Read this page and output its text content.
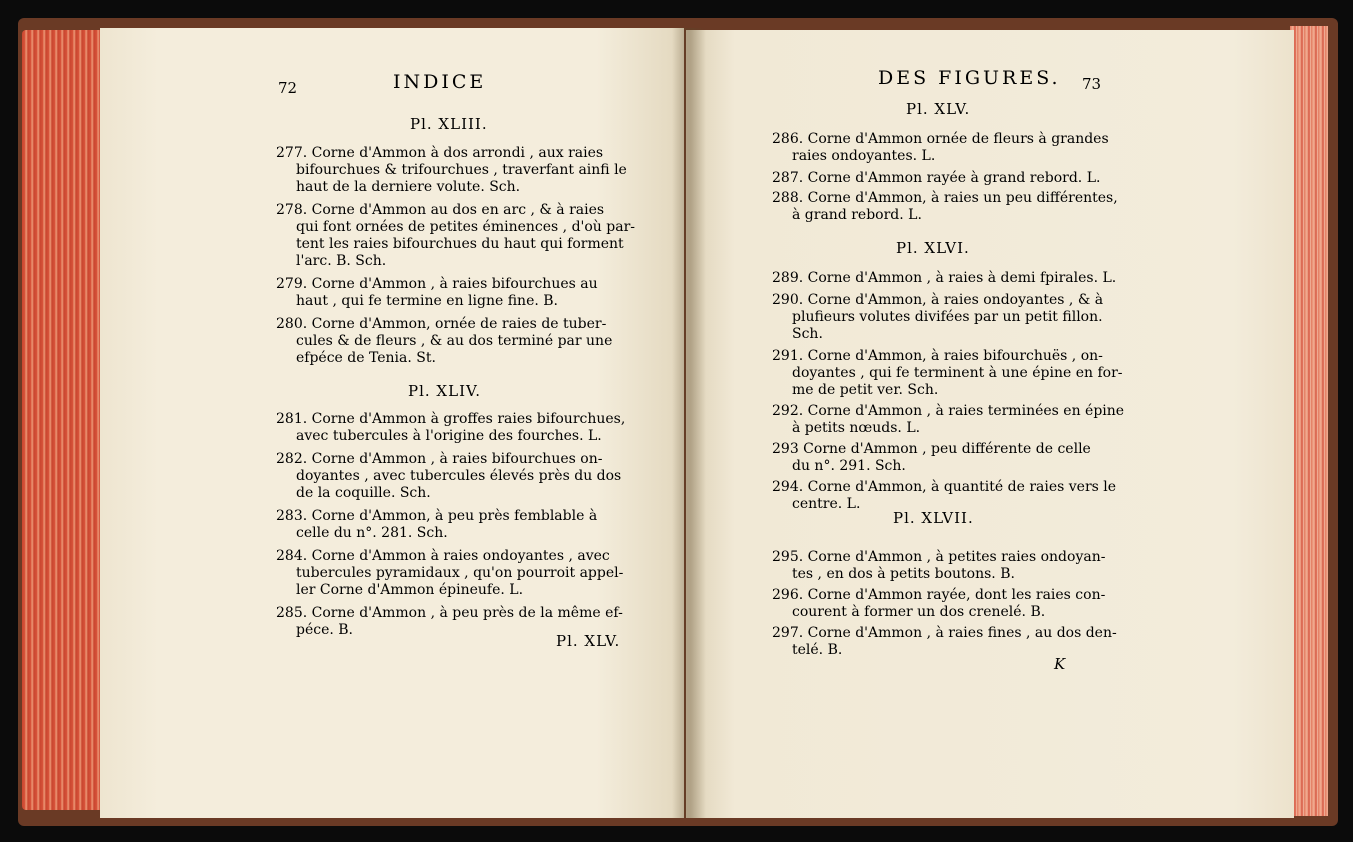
72	INDICE
Pl. XLIII.
277. Corne d'Ammon à dos arrondi , aux raies
bifourchues & trifourchues , traverfant ainfi le
haut de la derniere volute. Sch.
278. Corne d'Ammon au dos en arc , & à raies
qui font ornées de petites éminences , d'où par-
tent les raies bifourchues du haut qui forment
l'arc. B. Sch.
279. Corne d'Ammon , à raies bifourchues au
haut , qui fe termine en ligne fine. B.
280. Corne d'Ammon, ornée de raies de tuber-
cules & de fleurs , & au dos terminé par une
efpéce de Tenia. St.
Pl. XLIV.
281. Corne d'Ammon à groffes raies bifourchues,
avec tubercules à l'origine des fourches. L.
282. Corne d'Ammon , à raies bifourchues on-
doyantes , avec tubercules élevés près du dos
de la coquille. Sch.
283. Corne d'Ammon, à peu près femblable à
celle du n°. 281. Sch.
284. Corne d'Ammon à raies ondoyantes , avec
tubercules pyramidaux , qu'on pourroit appel-
ler Corne d'Ammon épineufe. L.
285. Corne d'Ammon , à peu près de la même ef-
péce. B.
Pl. XLV.
DES FIGURES. 73
Pl. XLV.
286. Corne d'Ammon ornée de fleurs à grandes
raies ondoyantes. L.
287. Corne d'Ammon rayée à grand rebord. L.
288. Corne d'Ammon, à raies un peu différentes,
à grand rebord. L.
Pl. XLVI.
289. Corne d'Ammon , à raies à demi fpirales. L.
290. Corne d'Ammon, à raies ondoyantes , & à
plufieurs volutes divifées par un petit fillon.
Sch.
291. Corne d'Ammon, à raies bifourchuës , on-
doyantes , qui fe terminent à une épine en for-
me de petit ver. Sch.
292. Corne d'Ammon , à raies terminées en épine
à petits nœuds. L.
293 Corne d'Ammon , peu différente de celle
du n°. 291. Sch.
294. Corne d'Ammon, à quantité de raies vers le
centre. L.
Pl. XLVII.
295. Corne d'Ammon , à petites raies ondoyan-
tes , en dos à petits boutons. B.
296. Corne d'Ammon rayée, dont les raies con-
courent à former un dos crenelé. B.
297. Corne d'Ammon , à raies fines , au dos den-
telé. B.
K
